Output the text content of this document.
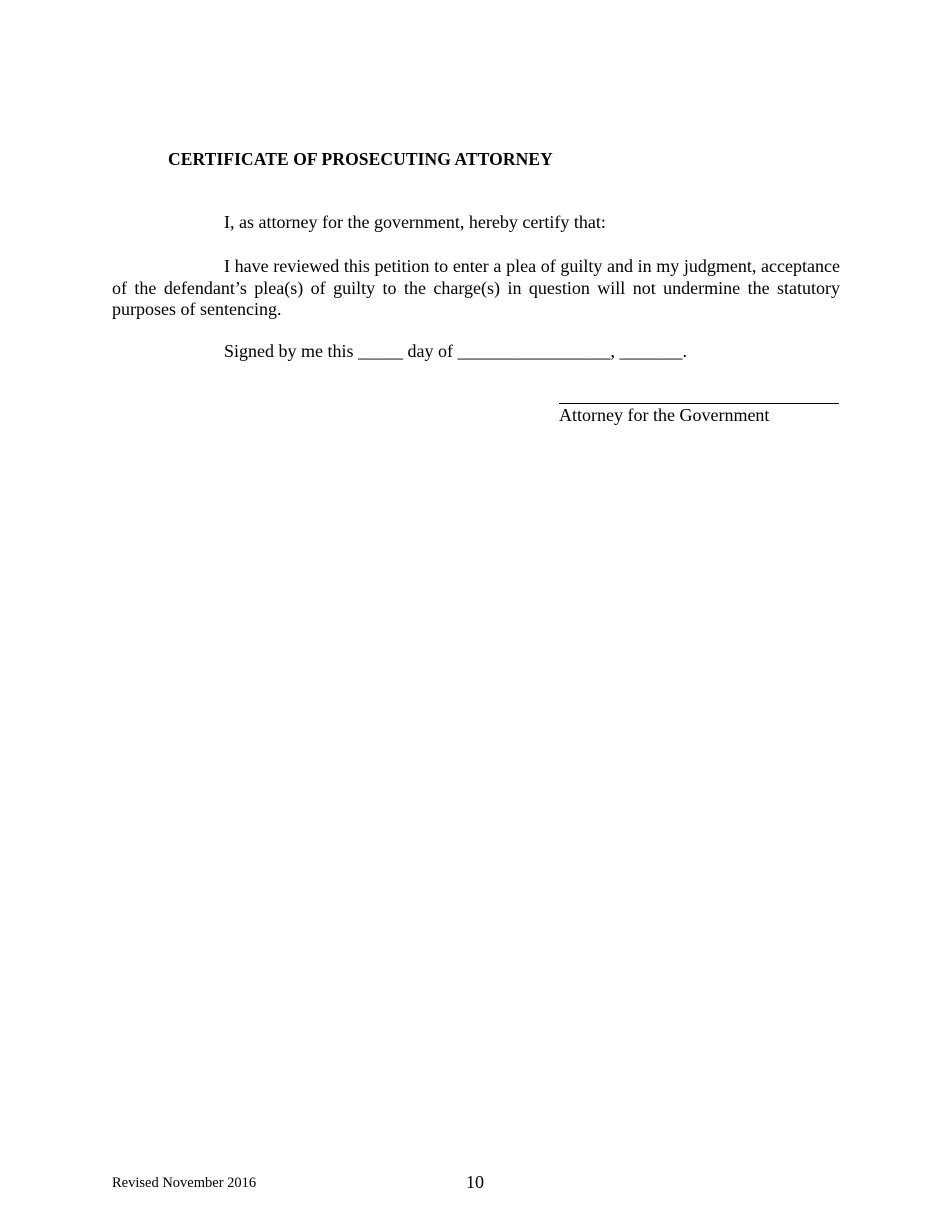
CERTIFICATE OF PROSECUTING ATTORNEY
I, as attorney for the government, hereby certify that:

I have reviewed this petition to enter a plea of guilty and in my judgment, acceptance of the defendant’s plea(s) of guilty to the charge(s) in question will not undermine the statutory purposes of sentencing.

Signed by me this _____ day of _________________, _______.
Attorney for the Government
Revised November 2016	10
